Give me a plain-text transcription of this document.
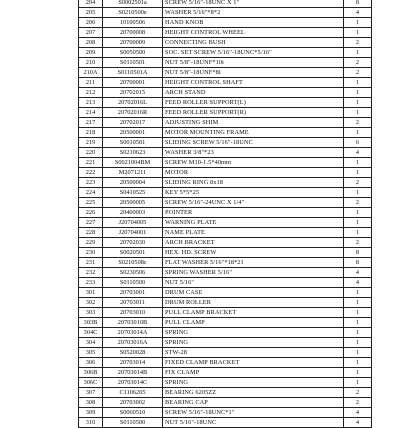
204	S0002501a	SCREW 5/16"-18UNC X 1"	8
205	S0210500e	WASHER 5/16"*8*2	4
206	10100506	HAND KNOB	1
207	20700008	HEIGHT CONTROL WHEEL	1
208	20700009	CONNECTING BUSH	2
209	S0050500	SOC. SET SCREW 5/16"-18UNC*5/16"	1
210	S0110501	NUT 5/8"-18UNF*10t	2
210A	S0110501A	NUT 5/8"-18UNF*8t	2
211	20700001	HEIGHT CONTROL SHAFT	1
212	20702015	ARCH STAND	1
213	20702016L	FEED ROLLER SUPPORT(L)	1
214	20702016R	FEED ROLLER SUPPORT(R)	1
217	20702017	ADJUSTING SHIM	2
218	20500001	MOTOR MOUNTING FRAME	1
219	S0010501	SLIDING SCREW 5/16"-18UNC	6
220	S0210623	WASHER 3/8"*23	4
221	S0021004BM	SCREW M10-1.5*40mm	1
222	M2071211	MOTOR	1
223	20500004	SLIDING RING 8x18	2
224	S0410525	KEY 5*5*25	1
225	20500005	SCREW 5/16"-24UNC X 1/4"	2
226	20400003	POINTER	1
227	J20704005	WARNING PLATE	1
228	J20704001	NAME PLATE	1
229	20702030	ARCH BRACKET	2
230	S0020501	HEX. HD. SCREW	8
231	S0210508c	FLAT WASHER 5/16"*18*21	8
232	S0230506	SPRING WASHER 5/16"	4
233	S0110500	NUT 5/16"	4
301	20703001	DRUM CASE	1
302	20703011	DRUM ROLLER	1
303	20703010	PULL CLAMP BRACKET	1
303B	20703010B	PULL CLAMP	1
304C	20703014A	SPRING	1
304	20703016A	SPRING	1
305	S0520028	STW-28	1
306	20703014	FIXED CLAMP BRACKET	1
306B	20703014B	FIX CLAMP	1
306C	20703014C	SPRING	1
307	C1106205	BEARING 6205ZZ	2
308	20703002	BEARING CAP	2
309	S0060510	SCREW 5/16"-18UNC*1"	4
310	S0110500	NUT 5/16"-18UNC	4
